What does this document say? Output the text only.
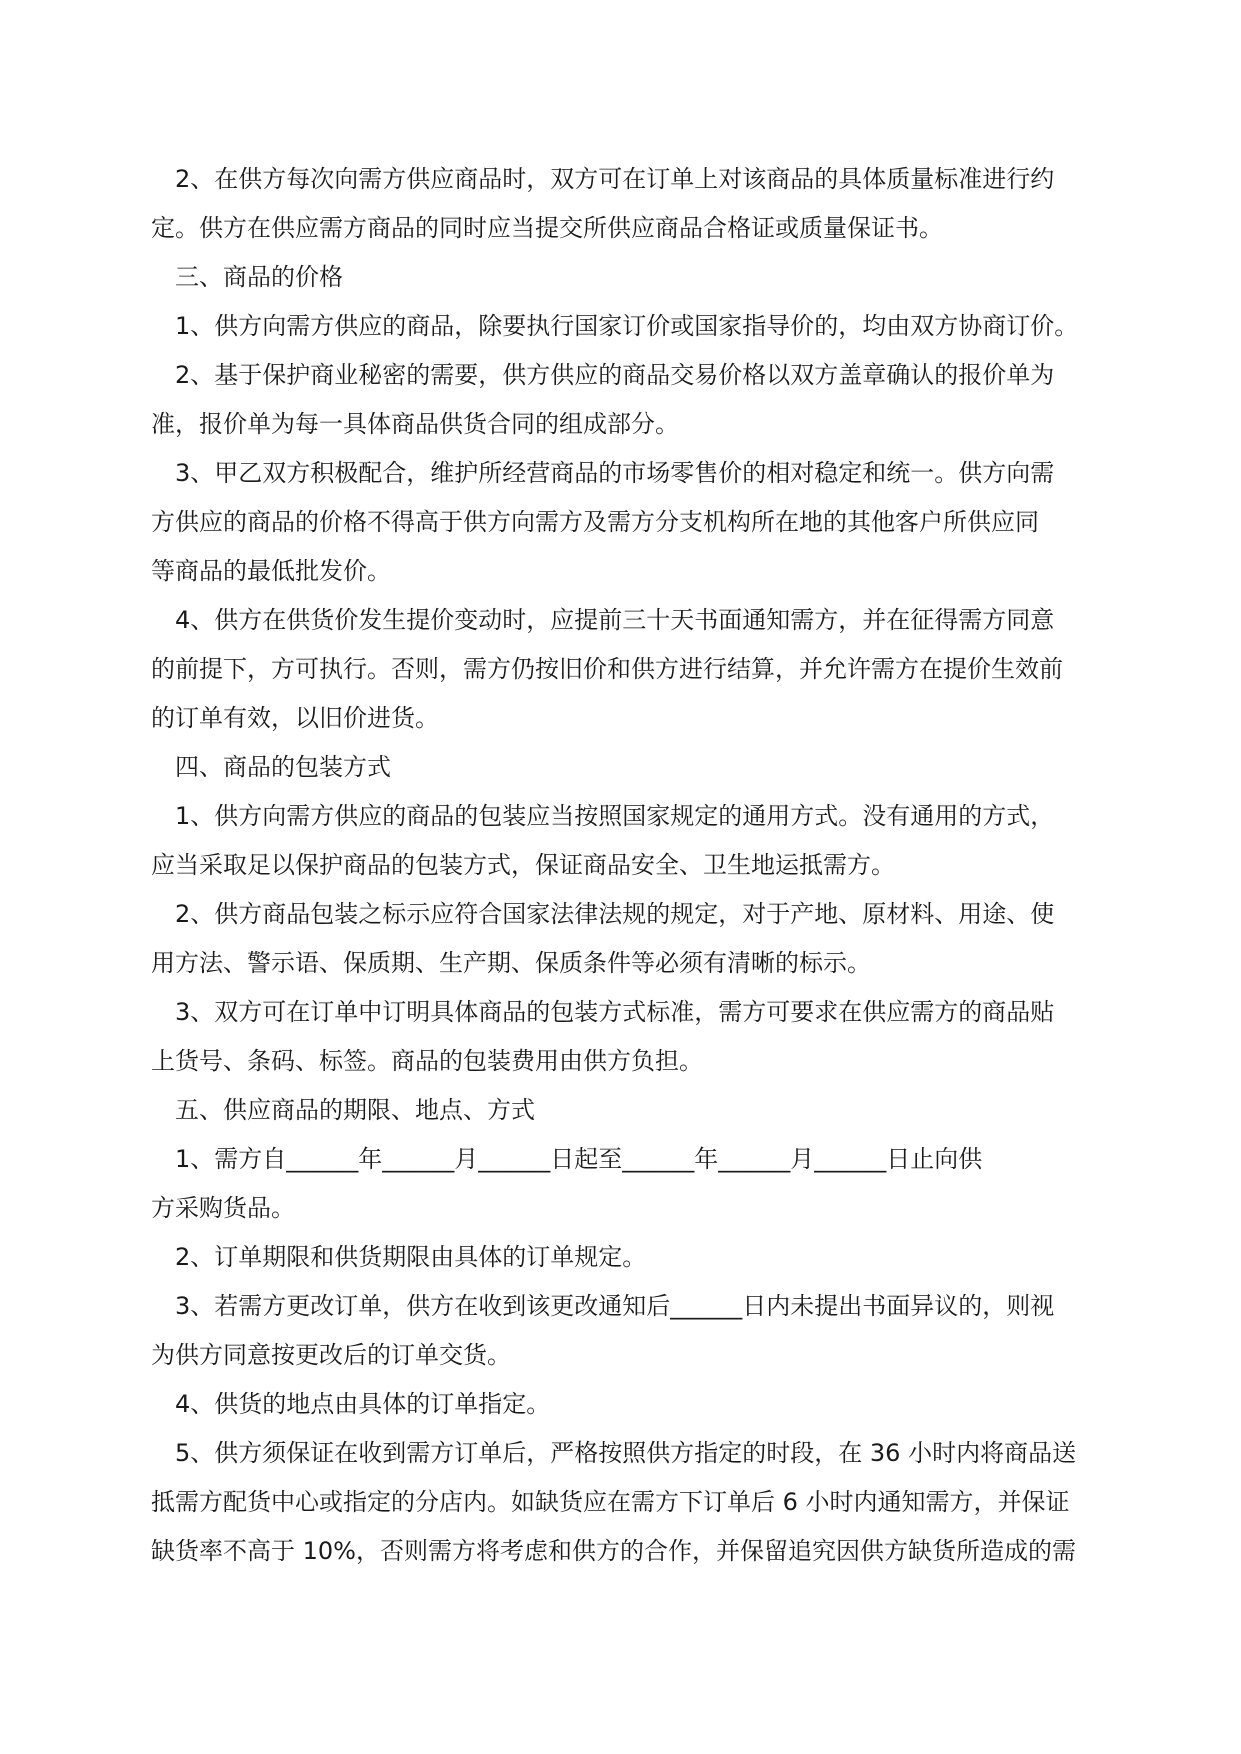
2、在供方每次向需方供应商品时，双方可在订单上对该商品的具体质量标准进行约
定。供方在供应需方商品的同时应当提交所供应商品合格证或质量保证书。
三、商品的价格
1、供方向需方供应的商品，除要执行国家订价或国家指导价的，均由双方协商订价。
2、基于保护商业秘密的需要，供方供应的商品交易价格以双方盖章确认的报价单为
准，报价单为每一具体商品供货合同的组成部分。
3、甲乙双方积极配合，维护所经营商品的市场零售价的相对稳定和统一。供方向需
方供应的商品的价格不得高于供方向需方及需方分支机构所在地的其他客户所供应同
等商品的最低批发价。
4、供方在供货价发生提价变动时，应提前三十天书面通知需方，并在征得需方同意
的前提下，方可执行。否则，需方仍按旧价和供方进行结算，并允许需方在提价生效前
的订单有效，以旧价进货。
四、商品的包装方式
1、供方向需方供应的商品的包装应当按照国家规定的通用方式。没有通用的方式，
应当采取足以保护商品的包装方式，保证商品安全、卫生地运抵需方。
2、供方商品包装之标示应符合国家法律法规的规定，对于产地、原材料、用途、使
用方法、警示语、保质期、生产期、保质条件等必须有清晰的标示。
3、双方可在订单中订明具体商品的包装方式标准，需方可要求在供应需方的商品贴
上货号、条码、标签。商品的包装费用由供方负担。
五、供应商品的期限、地点、方式
1、需方自______年______月______日起至______年______月______日止向供
方采购货品。
2、订单期限和供货期限由具体的订单规定。
3、若需方更改订单，供方在收到该更改通知后______日内未提出书面异议的，则视
为供方同意按更改后的订单交货。
4、供货的地点由具体的订单指定。
5、供方须保证在收到需方订单后，严格按照供方指定的时段，在 36 小时内将商品送
抵需方配货中心或指定的分店内。如缺货应在需方下订单后 6 小时内通知需方，并保证
缺货率不高于 10%，否则需方将考虑和供方的合作，并保留追究因供方缺货所造成的需
